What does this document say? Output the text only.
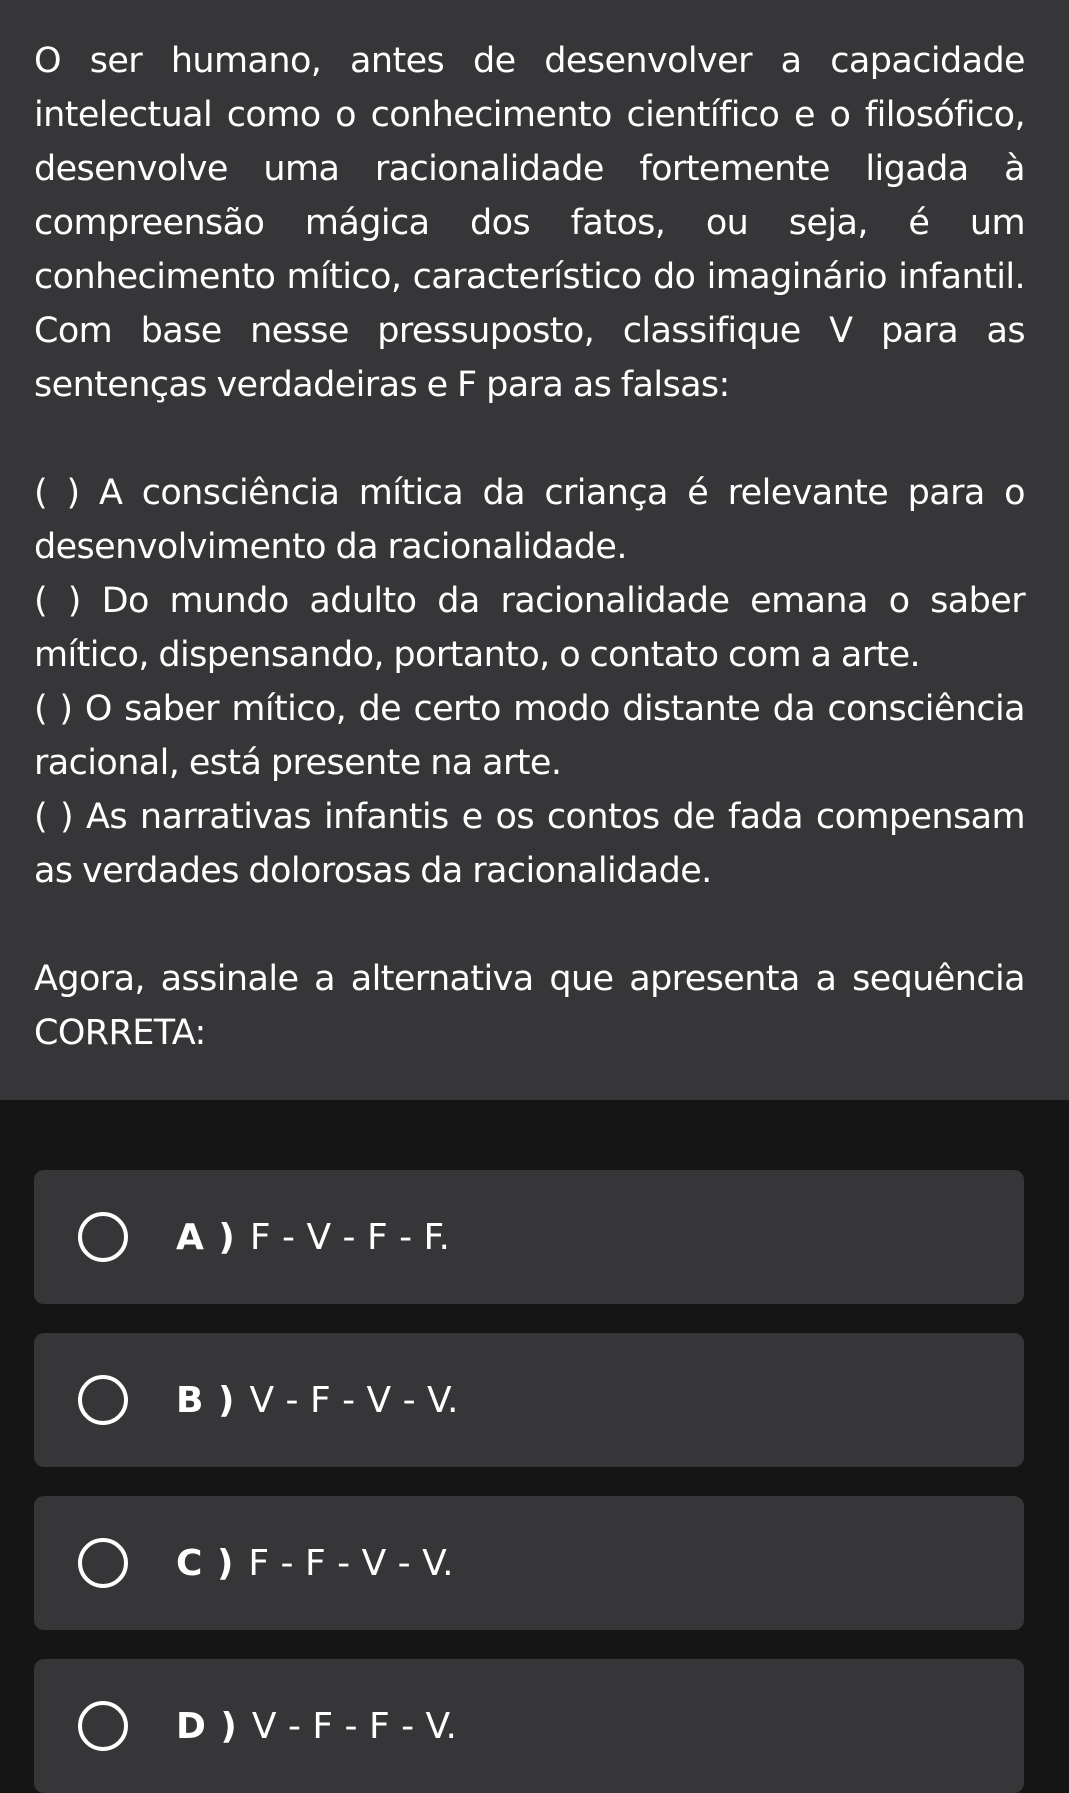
O ser humano, antes de desenvolver a capacidade intelectual como o conhecimento científico e o filosófico, desenvolve uma racionalidade fortemente ligada à compreensão mágica dos fatos, ou seja, é um conhecimento mítico, característico do imaginário infantil. Com base nesse pressuposto, classifique V para as sentenças verdadeiras e F para as falsas:

( ) A consciência mítica da criança é relevante para o desenvolvimento da racionalidade.

( ) Do mundo adulto da racionalidade emana o saber mítico, dispensando, portanto, o contato com a arte.

( ) O saber mítico, de certo modo distante da consciência racional, está presente na arte.

( ) As narrativas infantis e os contos de fada compensam as verdades dolorosas da racionalidade.

Agora, assinale a alternativa que apresenta a sequência CORRETA:

A ) F - V - F - F.
B ) V - F - V - V.
C ) F - F - V - V.
D ) V - F - F - V.
